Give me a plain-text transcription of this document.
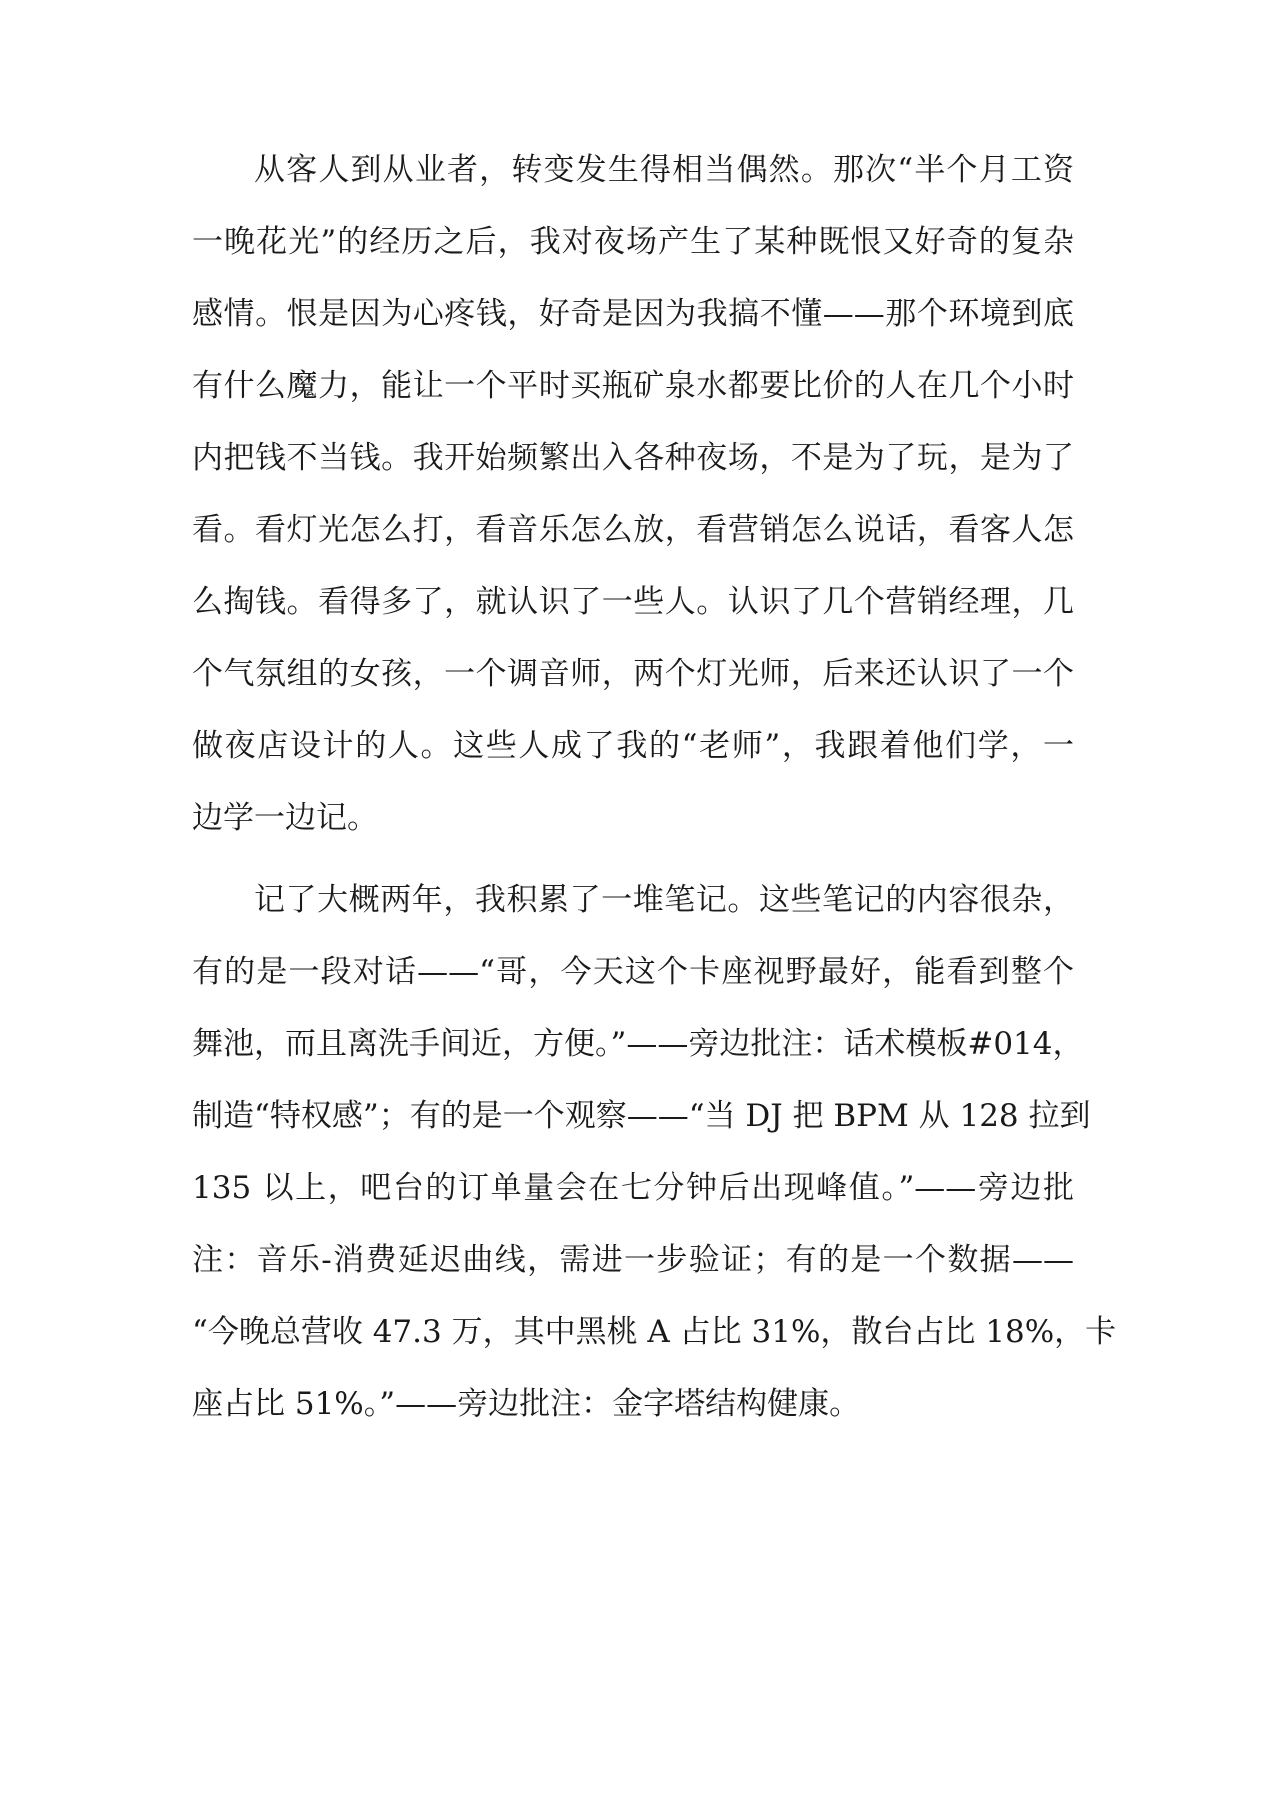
从客人到从业者，转变发生得相当偶然。那次“半个月工资
一晚花光”的经历之后，我对夜场产生了某种既恨又好奇的复杂
感情。恨是因为心疼钱，好奇是因为我搞不懂——那个环境到底
有什么魔力，能让一个平时买瓶矿泉水都要比价的人在几个小时
内把钱不当钱。我开始频繁出入各种夜场，不是为了玩，是为了
看。看灯光怎么打，看音乐怎么放，看营销怎么说话，看客人怎
么掏钱。看得多了，就认识了一些人。认识了几个营销经理，几
个气氛组的女孩，一个调音师，两个灯光师，后来还认识了一个
做夜店设计的人。这些人成了我的“老师”，我跟着他们学，一
边学一边记。
记了大概两年，我积累了一堆笔记。这些笔记的内容很杂，
有的是一段对话——“哥，今天这个卡座视野最好，能看到整个
舞池，而且离洗手间近，方便。”——旁边批注：话术模板#014，
制造“特权感”；有的是一个观察——“当 DJ 把 BPM 从 128 拉到
135 以上，吧台的订单量会在七分钟后出现峰值。”——旁边批
注：音乐-消费延迟曲线，需进一步验证；有的是一个数据——
“今晚总营收 47.3 万，其中黑桃 A 占比 31%，散台占比 18%，卡
座占比 51%。”——旁边批注：金字塔结构健康。
